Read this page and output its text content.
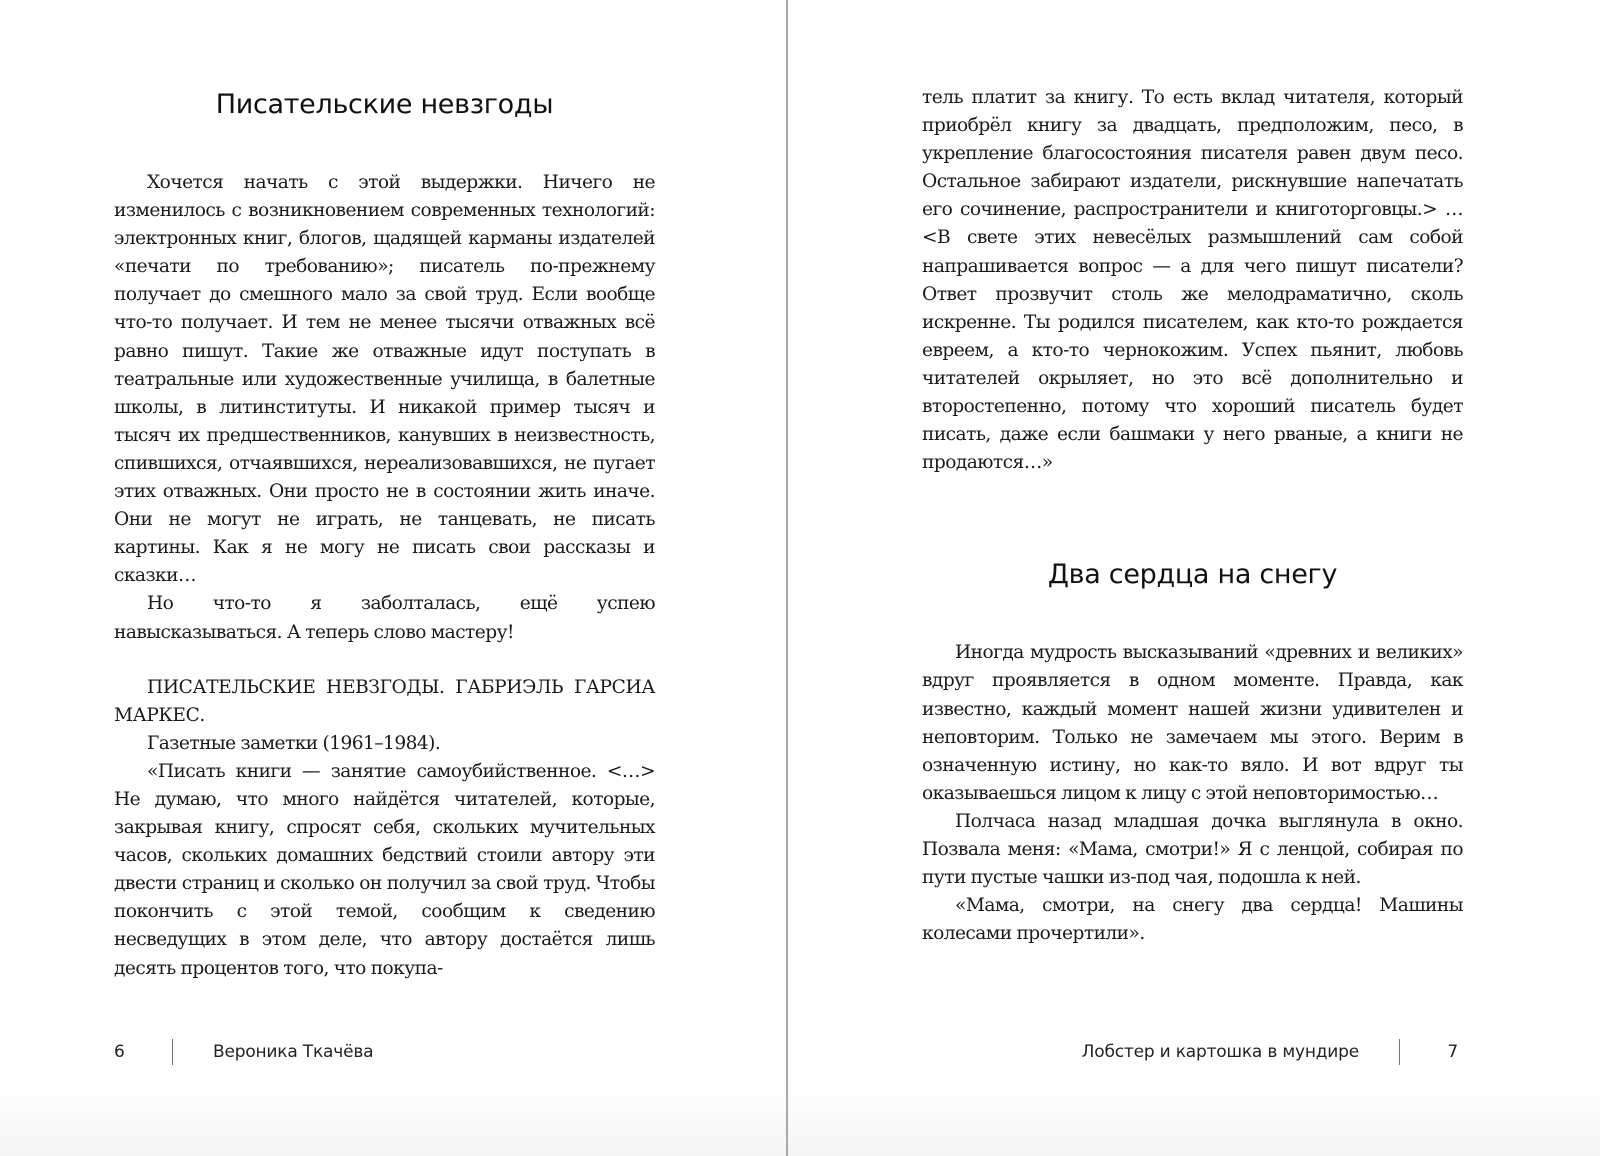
Писательские невзгоды

Хочется начать с этой выдержки. Ничего не изменилось с возникновением современных технологий: электронных книг, блогов, щадящей карманы издателей «печати по требованию»; писатель по-прежнему получает до смешного мало за свой труд. Если вообще что-то получает. И тем не менее тысячи отважных всё равно пишут. Такие же отважные идут поступать в театральные или художественные училища, в балетные школы, в литинституты. И никакой пример тысяч и тысяч их предшественников, канувших в неизвестность, спившихся, отчаявшихся, нереализовавшихся, не пугает этих отважных. Они просто не в состоянии жить иначе. Они не могут не играть, не танцевать, не писать картины. Как я не могу не писать свои рассказы и сказки…

Но что-то я заболталась, ещё успею навысказываться. А теперь слово мастеру!

ПИСАТЕЛЬСКИЕ НЕВЗГОДЫ. ГАБРИЭЛЬ ГАРСИА МАРКЕС.

Газетные заметки (1961–1984).

«Писать книги — занятие самоубийственное. <…> Не думаю, что много найдётся читателей, которые, закрывая книгу, спросят себя, скольких мучительных часов, скольких домашних бедствий стоили автору эти двести страниц и сколько он получил за свой труд. Чтобы покончить с этой темой, сообщим к сведению несведущих в этом деле, что автору достаётся лишь десять процентов того, что покупа-

6	Вероника Ткачёва

тель платит за книгу. То есть вклад читателя, который приобрёл книгу за двадцать, предположим, песо, в укрепление благосостояния писателя равен двум песо. Остальное забирают издатели, рискнувшие напечатать его сочинение, распространители и книготорговцы.> … <В свете этих невесёлых размышлений сам собой напрашивается вопрос — а для чего пишут писатели? Ответ прозвучит столь же мелодраматично, сколь искренне. Ты родился писателем, как кто-то рождается евреем, а кто-то чернокожим. Успех пьянит, любовь читателей окрыляет, но это всё дополнительно и второстепенно, потому что хороший писатель будет писать, даже если башмаки у него рваные, а книги не продаются…»

Два сердца на снегу

Иногда мудрость высказываний «древних и великих» вдруг проявляется в одном моменте. Правда, как известно, каждый момент нашей жизни удивителен и неповторим. Только не замечаем мы этого. Верим в означенную истину, но как-то вяло. И вот вдруг ты оказываешься лицом к лицу с этой неповторимостью…

Полчаса назад младшая дочка выглянула в окно. Позвала меня: «Мама, смотри!» Я с ленцой, собирая по пути пустые чашки из-под чая, подошла к ней.

«Мама, смотри, на снегу два сердца! Машины колесами прочертили».

Лобстер и картошка в мундире	7
